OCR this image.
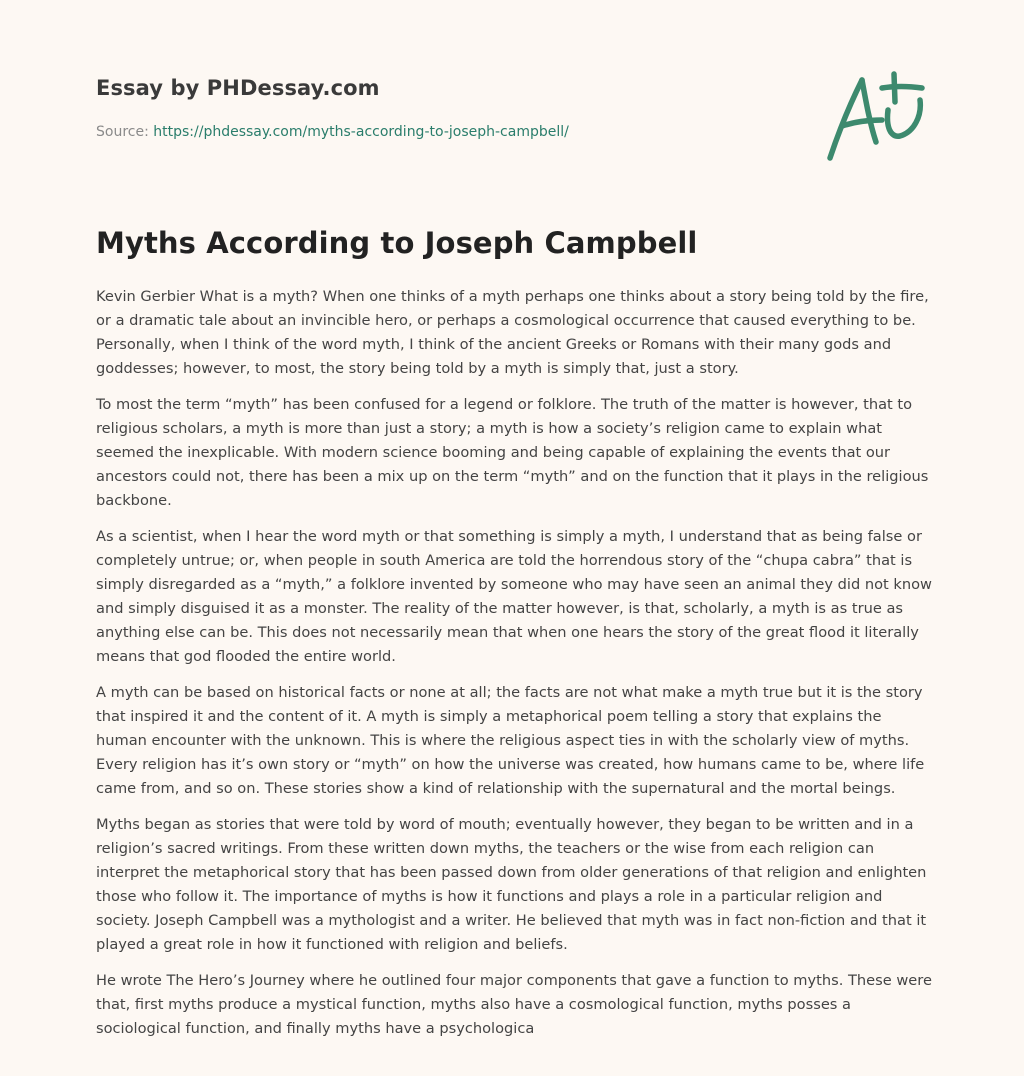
Essay by PHDessay.com

Source: https://phdessay.com/myths-according-to-joseph-campbell/

Myths According to Joseph Campbell

Kevin Gerbier What is a myth? When one thinks of a myth perhaps one thinks about a story being told by the fire, or a dramatic tale about an invincible hero, or perhaps a cosmological occurrence that caused everything to be. Personally, when I think of the word myth, I think of the ancient Greeks or Romans with their many gods and goddesses; however, to most, the story being told by a myth is simply that, just a story.

To most the term “myth” has been confused for a legend or folklore. The truth of the matter is however, that to religious scholars, a myth is more than just a story; a myth is how a society’s religion came to explain what seemed the inexplicable. With modern science booming and being capable of explaining the events that our ancestors could not, there has been a mix up on the term “myth” and on the function that it plays in the religious backbone.

As a scientist, when I hear the word myth or that something is simply a myth, I understand that as being false or completely untrue; or, when people in south America are told the horrendous story of the “chupa cabra” that is simply disregarded as a “myth,” a folklore invented by someone who may have seen an animal they did not know and simply disguised it as a monster. The reality of the matter however, is that, scholarly, a myth is as true as anything else can be. This does not necessarily mean that when one hears the story of the great flood it literally means that god flooded the entire world.

A myth can be based on historical facts or none at all; the facts are not what make a myth true but it is the story that inspired it and the content of it. A myth is simply a metaphorical poem telling a story that explains the human encounter with the unknown. This is where the religious aspect ties in with the scholarly view of myths. Every religion has it’s own story or “myth” on how the universe was created, how humans came to be, where life came from, and so on. These stories show a kind of relationship with the supernatural and the mortal beings.

Myths began as stories that were told by word of mouth; eventually however, they began to be written and in a religion’s sacred writings. From these written down myths, the teachers or the wise from each religion can interpret the metaphorical story that has been passed down from older generations of that religion and enlighten those who follow it. The importance of myths is how it functions and plays a role in a particular religion and society. Joseph Campbell was a mythologist and a writer. He believed that myth was in fact non-fiction and that it played a great role in how it functioned with religion and beliefs.

He wrote The Hero’s Journey where he outlined four major components that gave a function to myths. These were that, first myths produce a mystical function, myths also have a cosmological function, myths posses a sociological function, and finally myths have a psychologica
